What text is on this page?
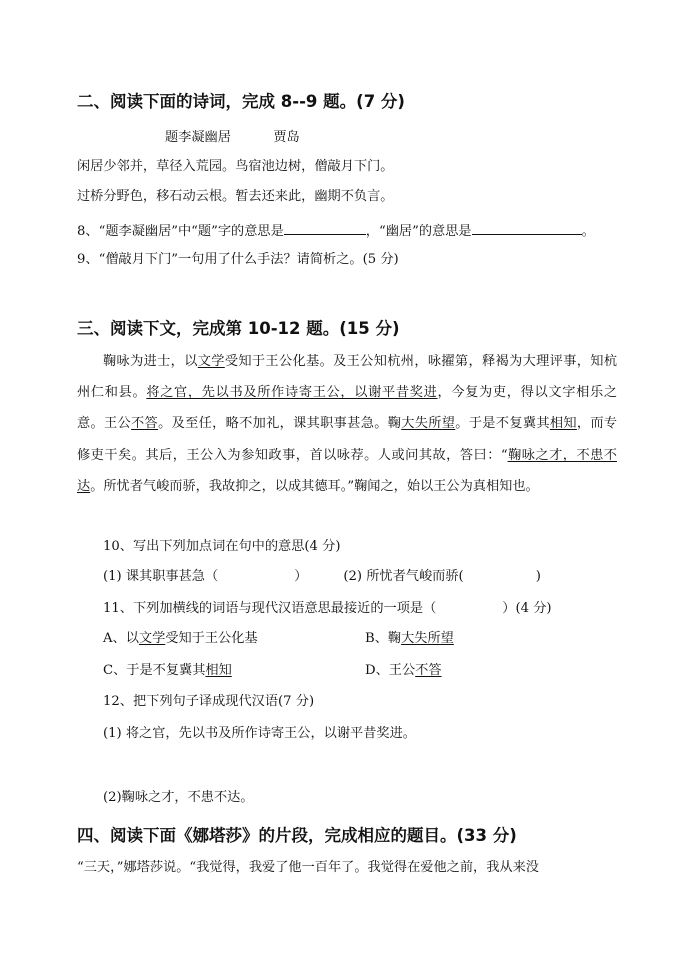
二、阅读下面的诗词，完成 8--9 题。(7 分)
题李凝幽居	贾岛
闲居少邻并，草径入荒园。鸟宿池边树，僧敲月下门。
过桥分野色，移石动云根。暂去还来此，幽期不负言。
8、“题李凝幽居”中“题”字的意思是	，“幽居”的意思是	。
9、“僧敲月下门”一句用了什么手法？请简析之。(5 分)
三、阅读下文，完成第 10-12 题。(15 分)
鞠咏为进士，以文学受知于王公化基。及王公知杭州，咏擢第，释褐为大理评事，知杭州仁和县。将之官，先以书及所作诗寄王公，以谢平昔奖进，今复为吏，得以文字相乐之意。王公不答。及至任，略不加礼，课其职事甚急。鞠大失所望。于是不复冀其相知，而专修吏干矣。其后，王公入为参知政事，首以咏荐。人或问其故，答曰：“鞠咏之才，不患不达。所忧者气峻而骄，我故抑之，以成其德耳。”鞠闻之，始以王公为真相知也。
10、写出下列加点词在句中的意思(4 分)
(1) 课其职事甚急（	）	(2) 所忧者气峻而骄(	)
11、下列加横线的词语与现代汉语意思最接近的一项是（	）(4 分)
A、以文学受知于王公化基	B、鞠大失所望
C、于是不复冀其相知	D、王公不答
12、把下列句子译成现代汉语(7 分)
(1) 将之官，先以书及所作诗寄王公，以谢平昔奖进。
(2)鞠咏之才，不患不达。
四、阅读下面《娜塔莎》的片段，完成相应的题目。(33 分)
“三天，”娜塔莎说。“我觉得，我爱了他一百年了。我觉得在爱他之前，我从来没
